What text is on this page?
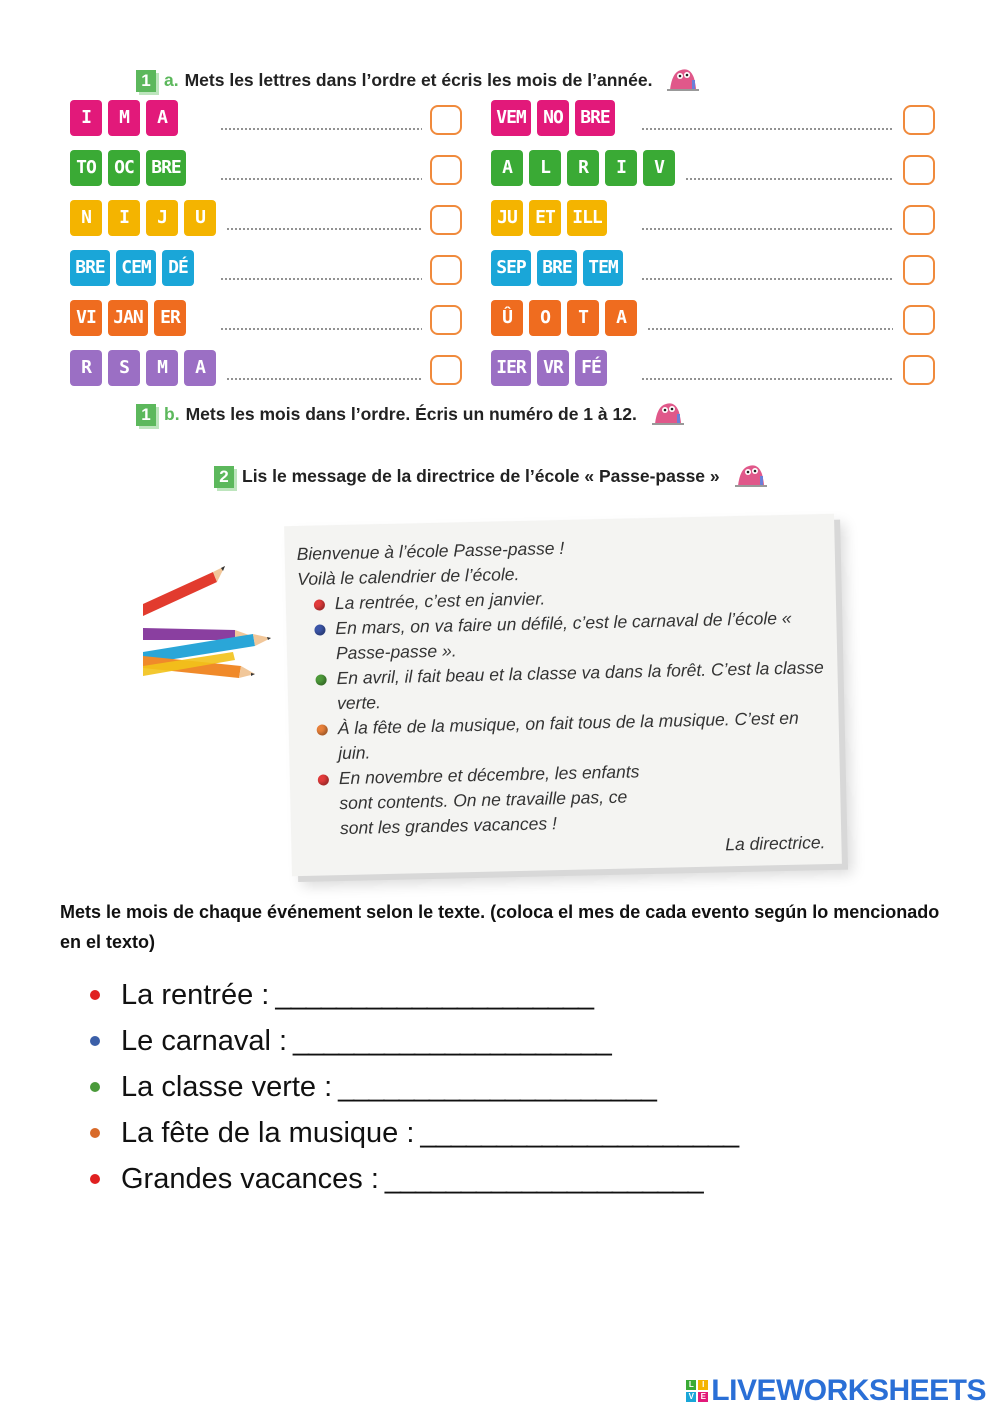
1 a. Mets les lettres dans l’ordre et écris les mois de l’année.
I	M	A
TO	OC BRE
N	I	J	U
BRE CEM DÉ
VI JAN ER
R	S	M	A
VEM NO BRE
A	L	R	I	V
JU	ET ILL
SEP BRE TEM
Û	O	T	A
IER VR	FÉ
1 b. Mets les mois dans l’ordre. Écris un numéro de 1 à 12.
2 Lis le message de la directrice de l’école « Passe-passe »

Bienvenue à l’école Passe-passe !

Voilà le calendrier de l’école.

La rentrée, c’est en janvier.
En mars, on va faire un défilé, c’est le carnaval de l’école « Passe-passe ».
En avril, il fait beau et la classe va dans la forêt. C’est la classe verte.
À la fête de la musique, on fait tous de la musique. C’est en juin.
En novembre et décembre, les enfants sont contents. On ne travaille pas, ce sont les grandes vacances !

La directrice.

Mets le mois de chaque événement selon le texte. (coloca el mes de cada evento según lo mencionado en el texto)
La rentrée : _____________________
Le carnaval : _____________________
La classe verte : _____________________
La fête de la musique : _____________________
Grandes vacances : _____________________
L	I
V E LIVEWORKSHEETS
